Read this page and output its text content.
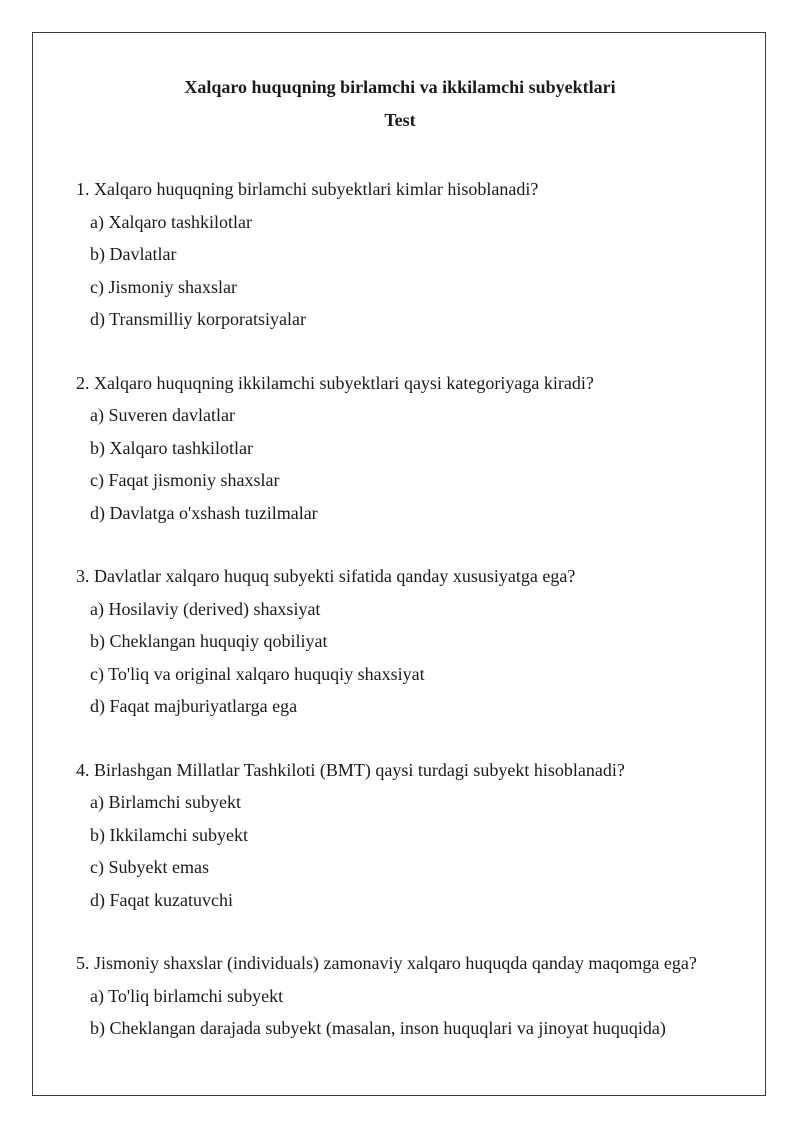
Xalqaro huquqning birlamchi va ikkilamchi subyektlari
Test
1. Xalqaro huquqning birlamchi subyektlari kimlar hisoblanadi?
a) Xalqaro tashkilotlar
b) Davlatlar
c) Jismoniy shaxslar
d) Transmilliy korporatsiyalar
2. Xalqaro huquqning ikkilamchi subyektlari qaysi kategoriyaga kiradi?
a) Suveren davlatlar
b) Xalqaro tashkilotlar
c) Faqat jismoniy shaxslar
d) Davlatga o'xshash tuzilmalar
3. Davlatlar xalqaro huquq subyekti sifatida qanday xususiyatga ega?
a) Hosilaviy (derived) shaxsiyat
b) Cheklangan huquqiy qobiliyat
c) To'liq va original xalqaro huquqiy shaxsiyat
d) Faqat majburiyatlarga ega
4. Birlashgan Millatlar Tashkiloti (BMT) qaysi turdagi subyekt hisoblanadi?
a) Birlamchi subyekt
b) Ikkilamchi subyekt
c) Subyekt emas
d) Faqat kuzatuvchi
5. Jismoniy shaxslar (individuals) zamonaviy xalqaro huquqda qanday maqomga ega?
a) To'liq birlamchi subyekt
b) Cheklangan darajada subyekt (masalan, inson huquqlari va jinoyat huquqida)
